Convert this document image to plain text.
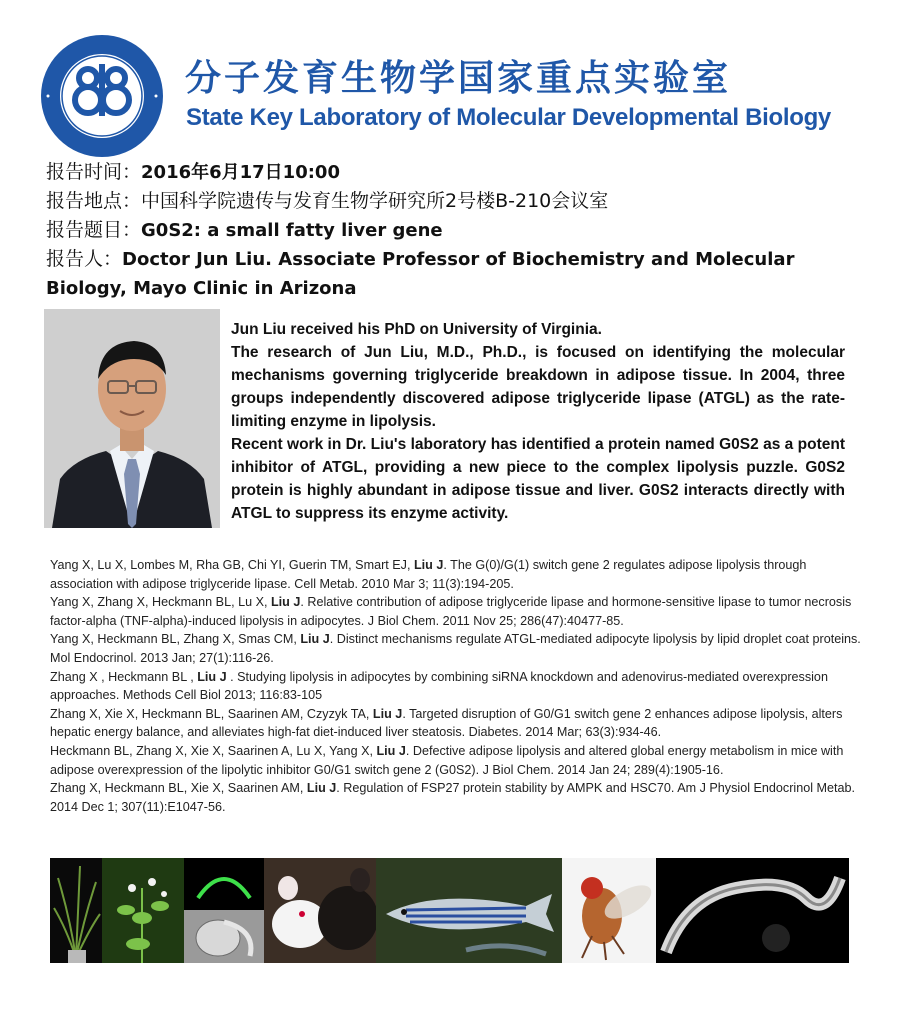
分子发育生物学国家重点实验室
State Key Laboratory of Molecular Developmental Biology
报告时间：2016年6月17日10:00
报告地点：中国科学院遗传与发育生物学研究所2号楼B-210会议室
报告题目：G0S2: a small fatty liver gene
报告人：Doctor Jun Liu. Associate Professor of Biochemistry and Molecular Biology, Mayo Clinic in Arizona

Jun Liu received his PhD on University of Virginia.

The research of Jun Liu, M.D., Ph.D., is focused on identifying the molecular mechanisms governing triglyceride breakdown in adipose tissue. In 2004, three groups independently discovered adipose triglyceride lipase (ATGL) as the rate-limiting enzyme in lipolysis.

Recent work in Dr. Liu's laboratory has identified a protein named G0S2 as a potent inhibitor of ATGL, providing a new piece to the complex lipolysis puzzle. G0S2 protein is highly abundant in adipose tissue and liver. G0S2 interacts directly with ATGL to suppress its enzyme activity.

Yang X, Lu X, Lombes M, Rha GB, Chi YI, Guerin TM, Smart EJ, Liu J. The G(0)/G(1) switch gene 2 regulates adipose lipolysis through association with adipose triglyceride lipase. Cell Metab. 2010 Mar 3; 11(3):194-205.

Yang X, Zhang X, Heckmann BL, Lu X, Liu J. Relative contribution of adipose triglyceride lipase and hormone-sensitive lipase to tumor necrosis factor-alpha (TNF-alpha)-induced lipolysis in adipocytes. J Biol Chem. 2011 Nov 25; 286(47):40477-85.

Yang X, Heckmann BL, Zhang X, Smas CM, Liu J. Distinct mechanisms regulate ATGL-mediated adipocyte lipolysis by lipid droplet coat proteins. Mol Endocrinol. 2013 Jan; 27(1):116-26.

Zhang X , Heckmann BL , Liu J . Studying lipolysis in adipocytes by combining siRNA knockdown and adenovirus-mediated overexpression approaches. Methods Cell Biol 2013; 116:83-105

Zhang X, Xie X, Heckmann BL, Saarinen AM, Czyzyk TA, Liu J. Targeted disruption of G0/G1 switch gene 2 enhances adipose lipolysis, alters hepatic energy balance, and alleviates high-fat diet-induced liver steatosis. Diabetes. 2014 Mar; 63(3):934-46.

Heckmann BL, Zhang X, Xie X, Saarinen A, Lu X, Yang X, Liu J. Defective adipose lipolysis and altered global energy metabolism in mice with adipose overexpression of the lipolytic inhibitor G0/G1 switch gene 2 (G0S2). J Biol Chem. 2014 Jan 24; 289(4):1905-16.

Zhang X, Heckmann BL, Xie X, Saarinen AM, Liu J. Regulation of FSP27 protein stability by AMPK and HSC70. Am J Physiol Endocrinol Metab. 2014 Dec 1; 307(11):E1047-56.
